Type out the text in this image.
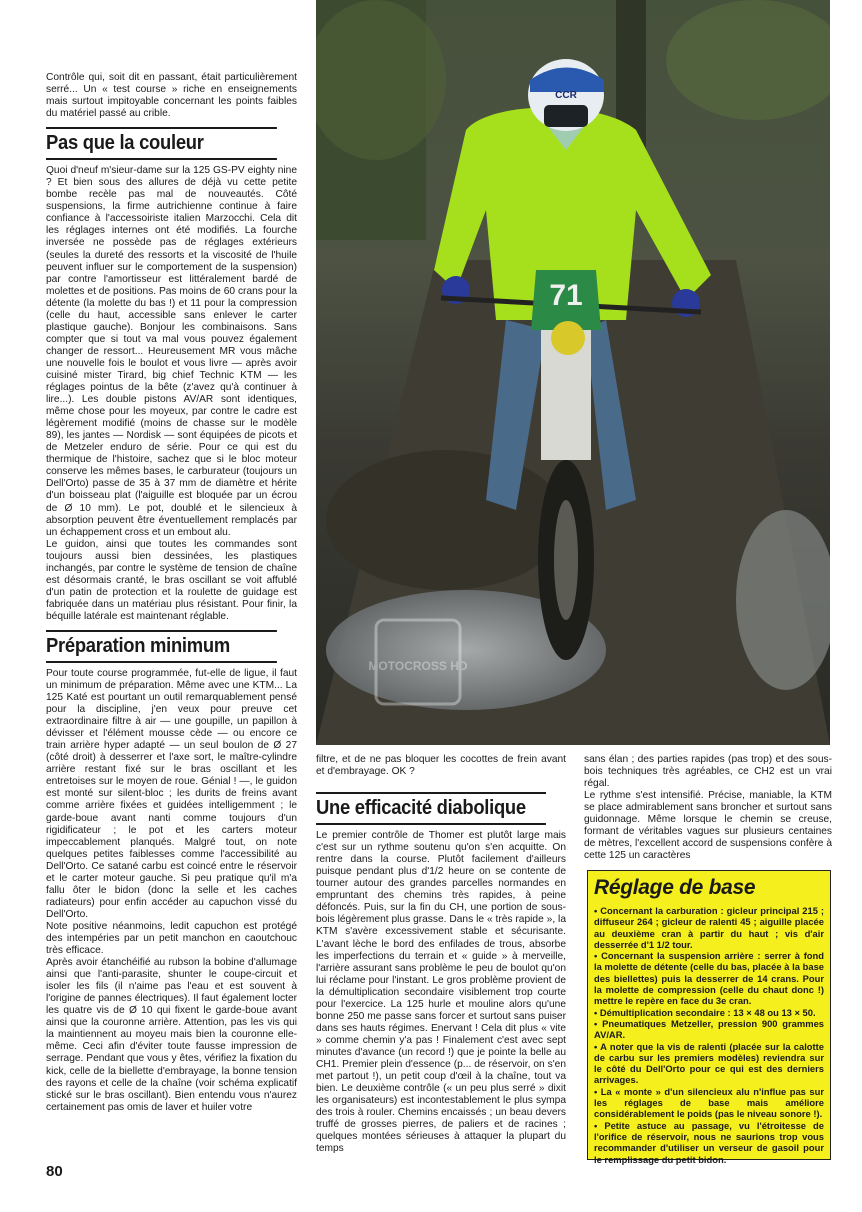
CCR
71
MOTOCROSS HD

Contrôle qui, soit dit en passant, était particulièrement serré... Un « test course » riche en enseignements mais surtout impitoyable concernant les points faibles du matériel passé au crible.

Pas que la couleur

Quoi d'neuf m'sieur-dame sur la 125 GS-PV eighty nine ? Et bien sous des allures de déjà vu cette petite bombe recèle pas mal de nouveautés. Côté suspensions, la firme autrichienne continue à faire confiance à l'accessoiriste italien Marzocchi. Cela dit les réglages internes ont été modifiés. La fourche inversée ne possède pas de réglages extérieurs (seules la dureté des ressorts et la viscosité de l'huile peuvent influer sur le comportement de la suspension) par contre l'amortisseur est littéralement bardé de molettes et de positions. Pas moins de 60 crans pour la détente (la molette du bas !) et 11 pour la compression (celle du haut, accessible sans enlever le carter plastique gauche). Bonjour les combinaisons. Sans compter que si tout va mal vous pouvez également changer de ressort... Heureusement MR vous mâche une nouvelle fois le boulot et vous livre — après avoir cuisiné mister Tirard, big chief Technic KTM — les réglages pointus de la bête (z'avez qu'à continuer à lire...). Les double pistons AV/AR sont identiques, même chose pour les moyeux, par contre le cadre est légèrement modifié (moins de chasse sur le modèle 89), les jantes — Nordisk — sont équipées de picots et de Metzeler enduro de série. Pour ce qui est du thermique de l'histoire, sachez que si le bloc moteur conserve les mêmes bases, le carburateur (toujours un Dell'Orto) passe de 35 à 37 mm de diamètre et hérite d'un boisseau plat (l'aiguille est bloquée par un écrou de Ø 10 mm). Le pot, doublé et le silencieux à absorption peuvent être éventuellement remplacés par un échappement cross et un embout alu.

Le guidon, ainsi que toutes les commandes sont toujours aussi bien dessinées, les plastiques inchangés, par contre le système de tension de chaîne est désormais cranté, le bras oscillant se voit affublé d'un patin de protection et la roulette de guidage est fabriquée dans un matériau plus résistant. Pour finir, la béquille latérale est maintenant réglable.

Préparation minimum

Pour toute course programmée, fut-elle de ligue, il faut un minimum de préparation. Même avec une KTM... La 125 Katé est pourtant un outil remarquablement pensé pour la discipline, j'en veux pour preuve cet extraordinaire filtre à air — une goupille, un papillon à dévisser et l'élément mousse cède — ou encore ce train arrière hyper adapté — un seul boulon de Ø 27 (côté droit) à desserrer et l'axe sort, le maître-cylindre arrière restant fixé sur le bras oscillant et les entretoises sur le moyen de roue. Génial ! —, le guidon est monté sur silent-bloc ; les durits de freins avant comme arrière fixées et guidées intelligemment ; le garde-boue avant nanti comme toujours d'un rigidificateur ; le pot et les carters moteur impeccablement planqués. Malgré tout, on note quelques petites faiblesses comme l'accessibilité au Dell'Orto. Ce satané carbu est coincé entre le réservoir et le carter moteur gauche. Si peu pratique qu'il m'a fallu ôter le bidon (donc la selle et les caches radiateurs) pour enfin accéder au capuchon vissé du Dell'Orto.

Note positive néanmoins, ledit capuchon est protégé des intempéries par un petit manchon en caoutchouc très efficace.

Après avoir étanchéifié au rubson la bobine d'allumage ainsi que l'anti-parasite, shunter le coupe-circuit et isoler les fils (il n'aime pas l'eau et est souvent à l'origine de pannes électriques). Il faut également locter les quatre vis de Ø 10 qui fixent le garde-boue avant ainsi que la couronne arrière. Attention, pas les vis qui la maintiennent au moyeu mais bien la couronne elle-même. Ceci afin d'éviter toute fausse impression de serrage. Pendant que vous y êtes, vérifiez la fixation du kick, celle de la biellette d'embrayage, la bonne tension des rayons et celle de la chaîne (voir schéma explicatif stické sur le bras oscillant). Bien entendu vous n'aurez certainement pas omis de laver et huiler votre

filtre, et de ne pas bloquer les cocottes de frein avant et d'embrayage. OK ?

Une efficacité diabolique

Le premier contrôle de Thomer est plutôt large mais c'est sur un rythme soutenu qu'on s'en acquitte. On rentre dans la course. Plutôt facilement d'ailleurs puisque pendant plus d'1/2 heure on se contente de tourner autour des grandes parcelles normandes en empruntant des chemins très rapides, à peine défoncés. Puis, sur la fin du CH, une portion de sous-bois légèrement plus grasse. Dans le « très rapide », la KTM s'avère excessivement stable et sécurisante. L'avant lèche le bord des enfilades de trous, absorbe les imperfections du terrain et « guide » à merveille, l'arrière assurant sans problème le peu de boulot qu'on lui réclame pour l'instant. Le gros problème provient de la démultiplication secondaire visiblement trop courte pour l'exercice. La 125 hurle et mouline alors qu'une bonne 250 me passe sans forcer et surtout sans puiser dans ses hauts régimes. Enervant ! Cela dit plus « vite » comme chemin y'a pas ! Finalement c'est avec sept minutes d'avance (un record !) que je pointe la belle au CH1. Premier plein d'essence (p... de réservoir, on s'en met partout !), un petit coup d'œil à la chaîne, tout va bien. Le deuxième contrôle (« un peu plus serré » dixit les organisateurs) est incontestablement le plus sympa des trois à rouler. Chemins encaissés ; un beau devers truffé de grosses pierres, de paliers et de racines ; quelques montées sérieuses à attaquer la plupart du temps

sans élan ; des parties rapides (pas trop) et des sous-bois techniques très agréables, ce CH2 est un vrai régal.

Le rythme s'est intensifié. Précise, maniable, la KTM se place admirablement sans broncher et surtout sans guidonnage. Même lorsque le chemin se creuse, formant de véritables vagues sur plusieurs centaines de mètres, l'excellent accord de suspensions confère à cette 125 un caractères

Réglage de base

• Concernant la carburation : gicleur principal 215 ; diffuseur 264 ; gicleur de ralenti 45 ; aiguille placée au deuxième cran à partir du haut ; vis d'air desserrée d'1 1/2 tour.

• Concernant la suspension arrière : serrer à fond la molette de détente (celle du bas, placée à la base des biellettes) puis la desserrer de 14 crans. Pour la molette de compression (celle du chaut donc !) mettre le repère en face du 3e cran.

• Démultiplication secondaire : 13 × 48 ou 13 × 50.

• Pneumatiques Metzeller, pression 900 grammes AV/AR.

• A noter que la vis de ralenti (placée sur la calotte de carbu sur les premiers modèles) reviendra sur le côté du Dell'Orto pour ce qui est des derniers arrivages.

• La « monte » d'un silencieux alu n'influe pas sur les réglages de base mais améliore considérablement le poids (pas le niveau sonore !).

• Petite astuce au passage, vu l'étroitesse de l'orifice de réservoir, nous ne saurions trop vous recommander d'utiliser un verseur de gasoil pour le remplissage du petit bidon.

80
